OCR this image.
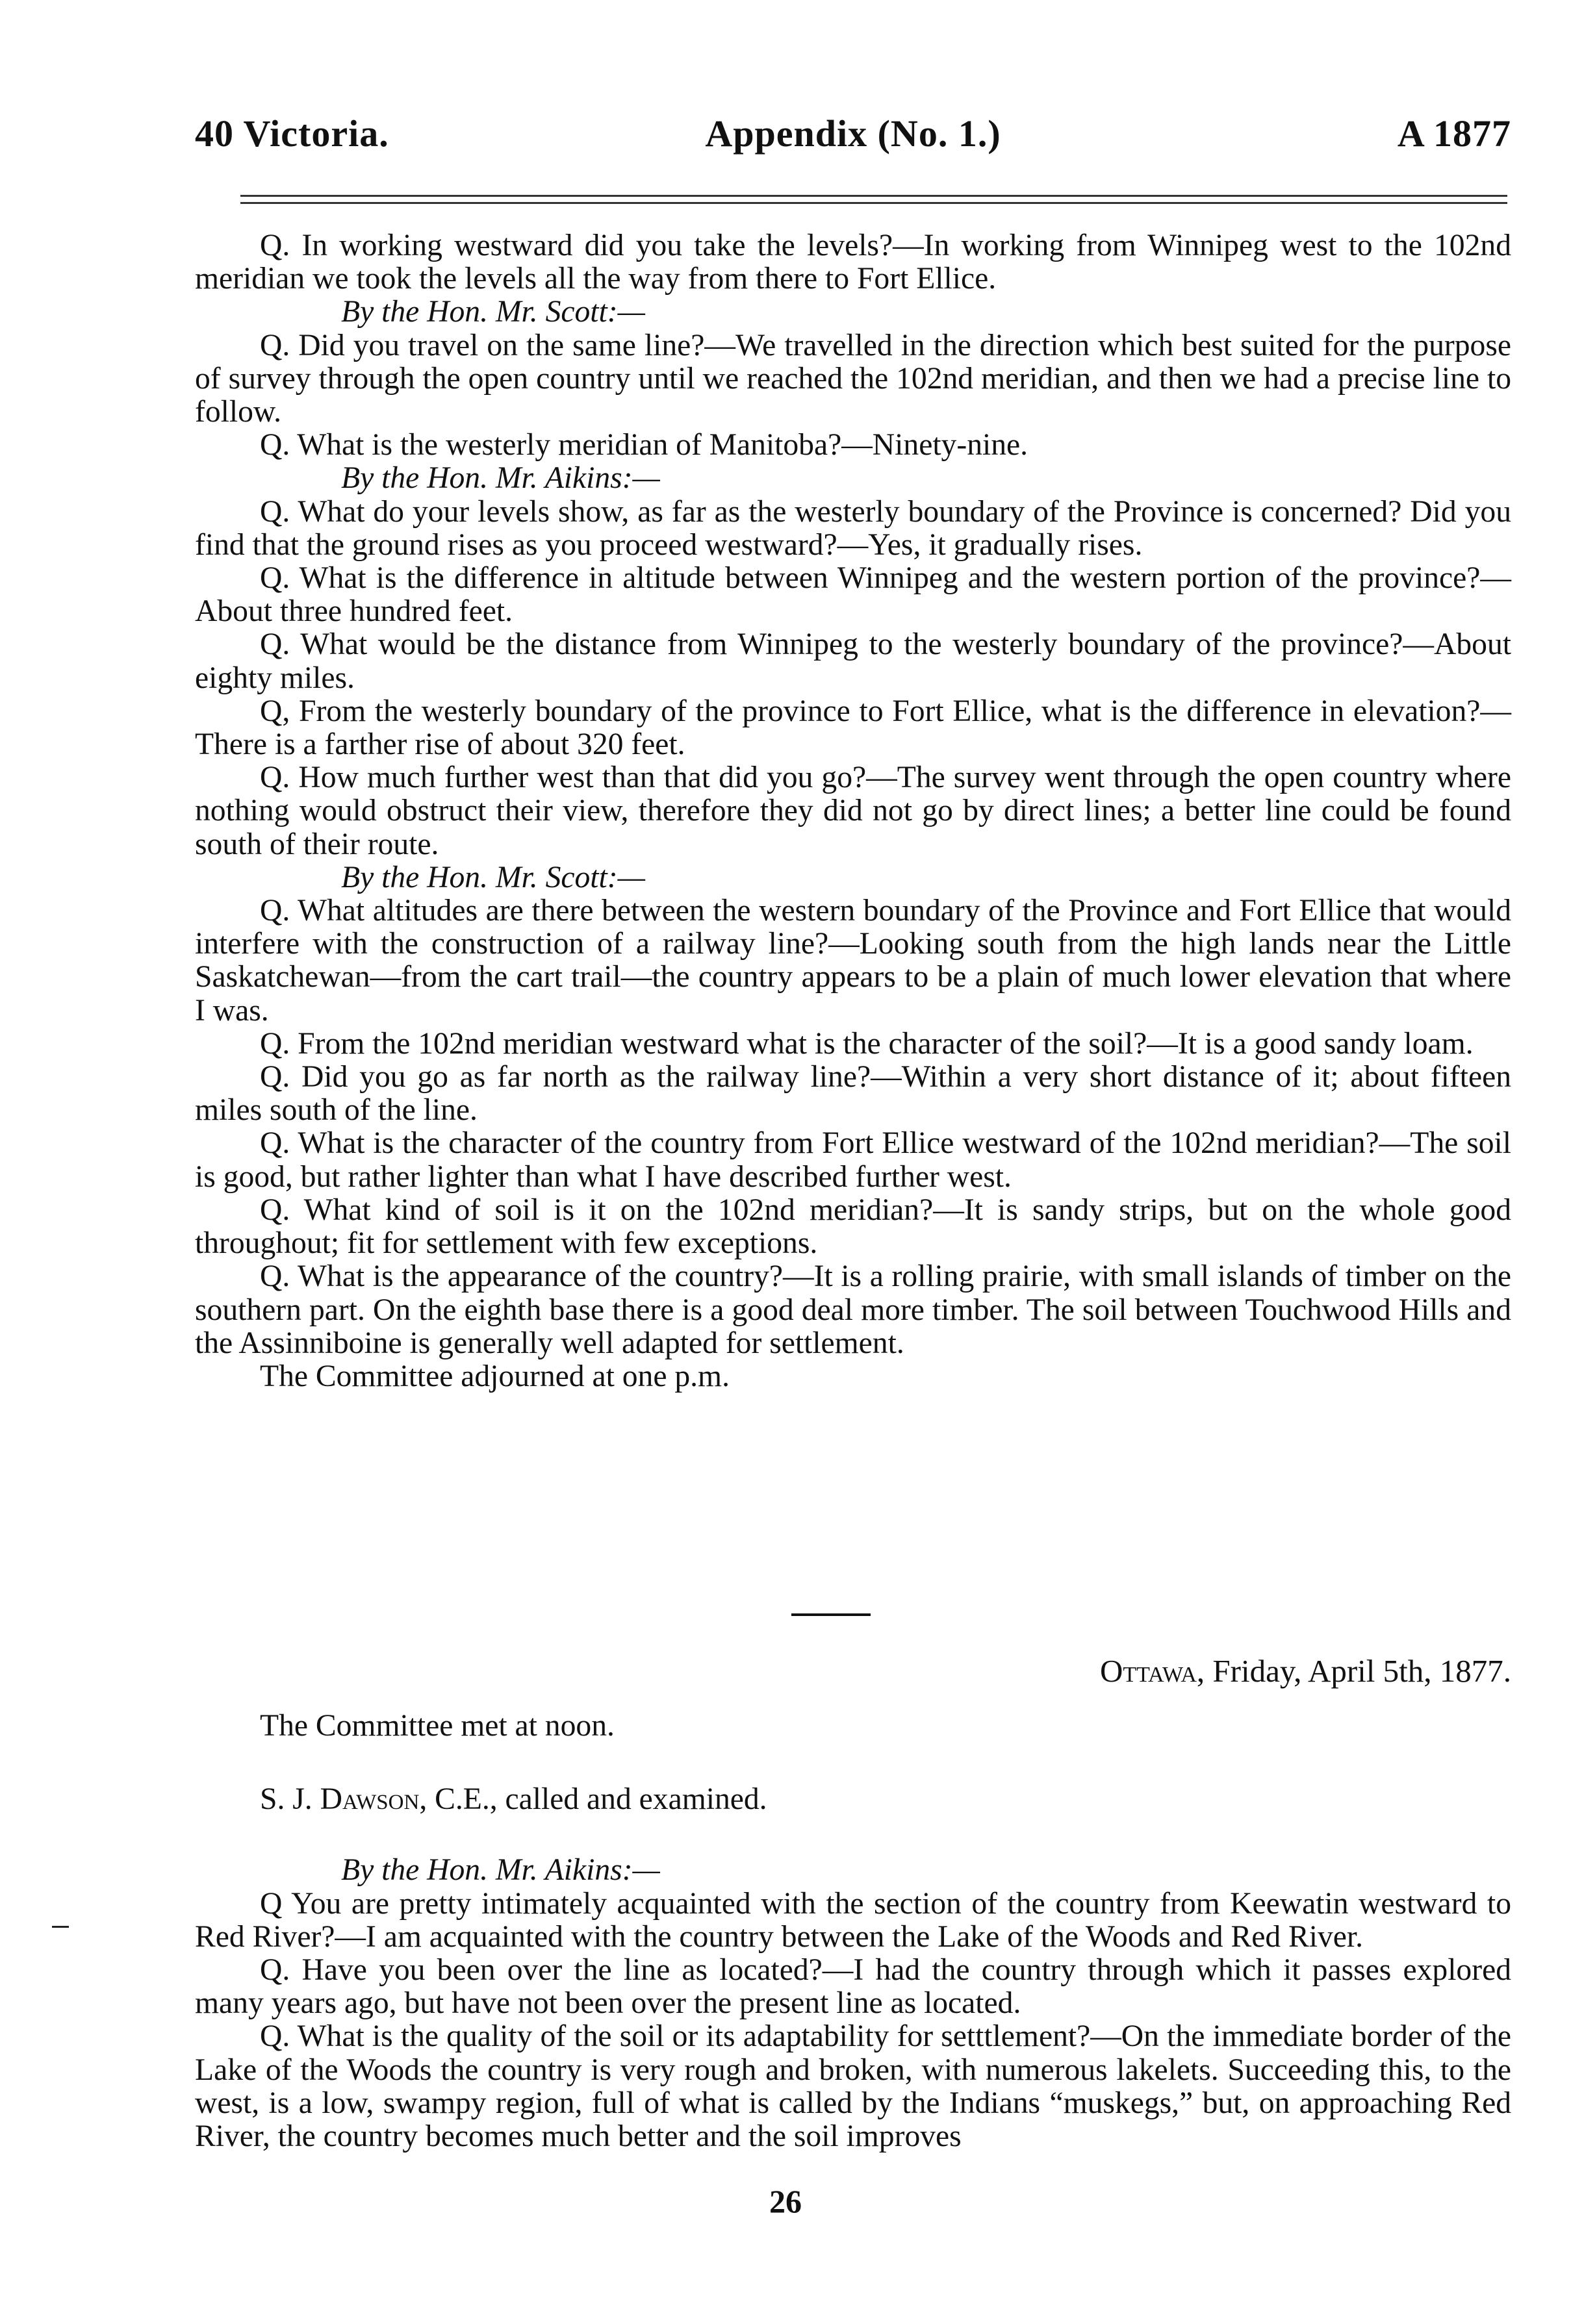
40 Victoria.	Appendix (No. 1.)	A 1877

Q. In working westward did you take the levels?—In working from Winnipeg west to the 102nd meridian we took the levels all the way from there to Fort Ellice.

By the Hon. Mr. Scott:—

Q. Did you travel on the same line?—We travelled in the direction which best suited for the purpose of survey through the open country until we reached the 102nd meridian, and then we had a precise line to follow.

Q. What is the westerly meridian of Manitoba?—Ninety-nine.

By the Hon. Mr. Aikins:—

Q. What do your levels show, as far as the westerly boundary of the Province is concerned? Did you find that the ground rises as you proceed westward?—Yes, it gradually rises.

Q. What is the difference in altitude between Winnipeg and the western portion of the province?—About three hundred feet.

Q. What would be the distance from Winnipeg to the westerly boundary of the province?—About eighty miles.

Q, From the westerly boundary of the province to Fort Ellice, what is the difference in elevation?—There is a farther rise of about 320 feet.

Q. How much further west than that did you go?—The survey went through the open country where nothing would obstruct their view, therefore they did not go by direct lines; a better line could be found south of their route.

By the Hon. Mr. Scott:—

Q. What altitudes are there between the western boundary of the Province and Fort Ellice that would interfere with the construction of a railway line?—Looking south from the high lands near the Little Saskatchewan—from the cart trail—the country appears to be a plain of much lower elevation that where I was.

Q. From the 102nd meridian westward what is the character of the soil?—It is a good sandy loam.

Q. Did you go as far north as the railway line?—Within a very short distance of it; about fifteen miles south of the line.

Q. What is the character of the country from Fort Ellice westward of the 102nd meridian?—The soil is good, but rather lighter than what I have described further west.

Q. What kind of soil is it on the 102nd meridian?—It is sandy strips, but on the whole good throughout; fit for settlement with few exceptions.

Q. What is the appearance of the country?—It is a rolling prairie, with small islands of timber on the southern part. On the eighth base there is a good deal more timber. The soil between Touchwood Hills and the Assinniboine is generally well adapted for settlement.

The Committee adjourned at one p.m.

Ottawa, Friday, April 5th, 1877.

The Committee met at noon.

S. J. Dawson, C.E., called and examined.

By the Hon. Mr. Aikins:—

Q You are pretty intimately acquainted with the section of the country from Keewatin westward to Red River?—I am acquainted with the country between the Lake of the Woods and Red River.

Q. Have you been over the line as located?—I had the country through which it passes explored many years ago, but have not been over the present line as located.

Q. What is the quality of the soil or its adaptability for setttlement?—On the immediate border of the Lake of the Woods the country is very rough and broken, with numerous lakelets. Succeeding this, to the west, is a low, swampy region, full of what is called by the Indians “muskegs,” but, on approaching Red River, the country becomes much better and the soil improves

26
